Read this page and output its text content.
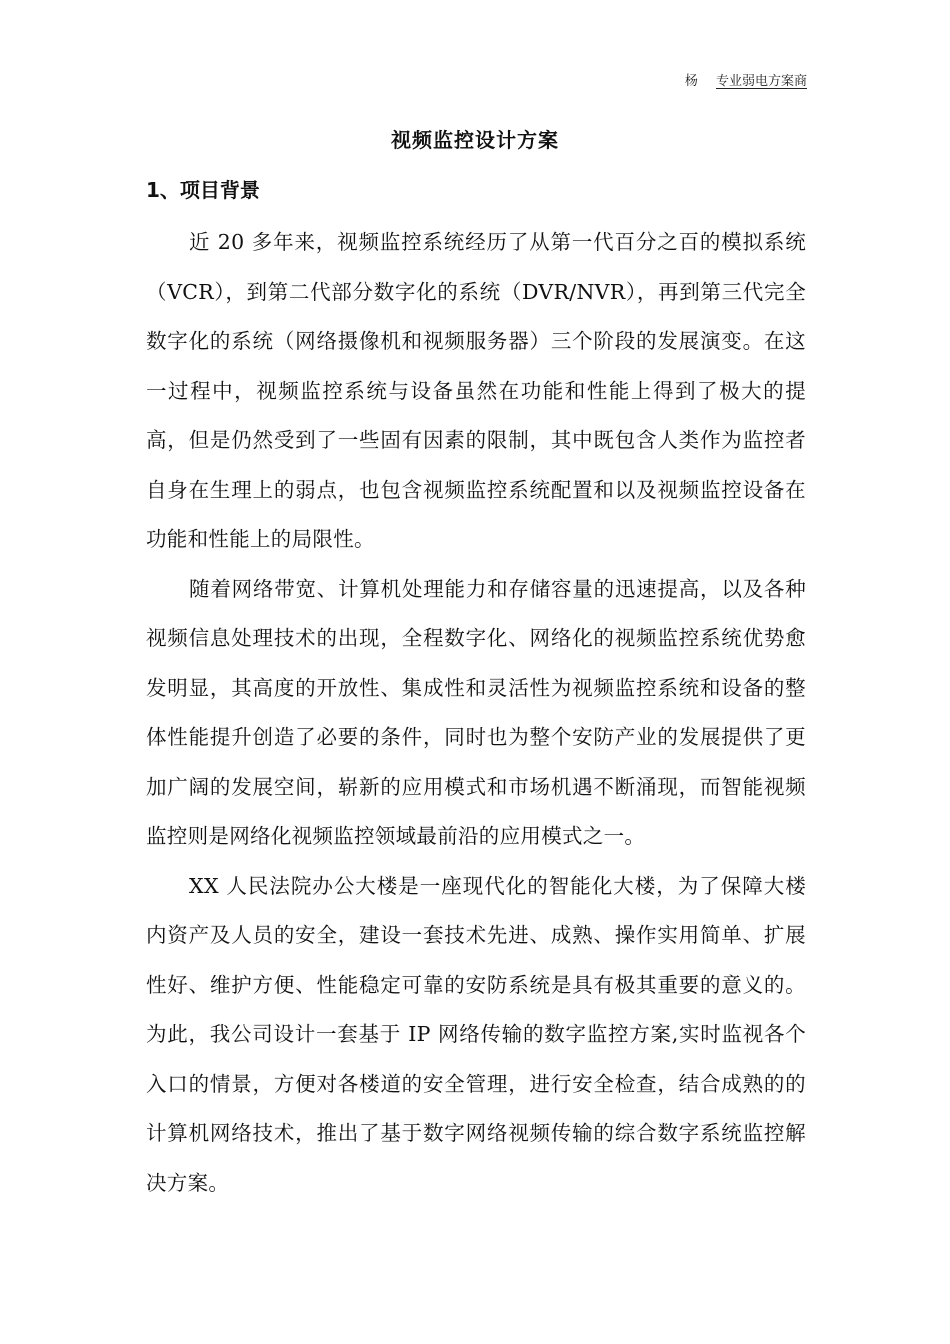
杨 专业弱电方案商
视频监控设计方案
1、项目背景

近 20 多年来，视频监控系统经历了从第一代百分之百的模拟系统（VCR），到第二代部分数字化的系统（DVR/NVR），再到第三代完全数字化的系统（网络摄像机和视频服务器）三个阶段的发展演变。在这一过程中，视频监控系统与设备虽然在功能和性能上得到了极大的提高，但是仍然受到了一些固有因素的限制，其中既包含人类作为监控者自身在生理上的弱点，也包含视频监控系统配置和以及视频监控设备在功能和性能上的局限性。

随着网络带宽、计算机处理能力和存储容量的迅速提高，以及各种视频信息处理技术的出现，全程数字化、网络化的视频监控系统优势愈发明显，其高度的开放性、集成性和灵活性为视频监控系统和设备的整体性能提升创造了必要的条件，同时也为整个安防产业的发展提供了更加广阔的发展空间，崭新的应用模式和市场机遇不断涌现，而智能视频监控则是网络化视频监控领域最前沿的应用模式之一。

XX 人民法院办公大楼是一座现代化的智能化大楼，为了保障大楼内资产及人员的安全，建设一套技术先进、成熟、操作实用简单、扩展性好、维护方便、性能稳定可靠的安防系统是具有极其重要的意义的。为此，我公司设计一套基于 IP 网络传输的数字监控方案,实时监视各个入口的情景，方便对各楼道的安全管理，进行安全检查，结合成熟的的计算机网络技术，推出了基于数字网络视频传输的综合数字系统监控解决方案。
